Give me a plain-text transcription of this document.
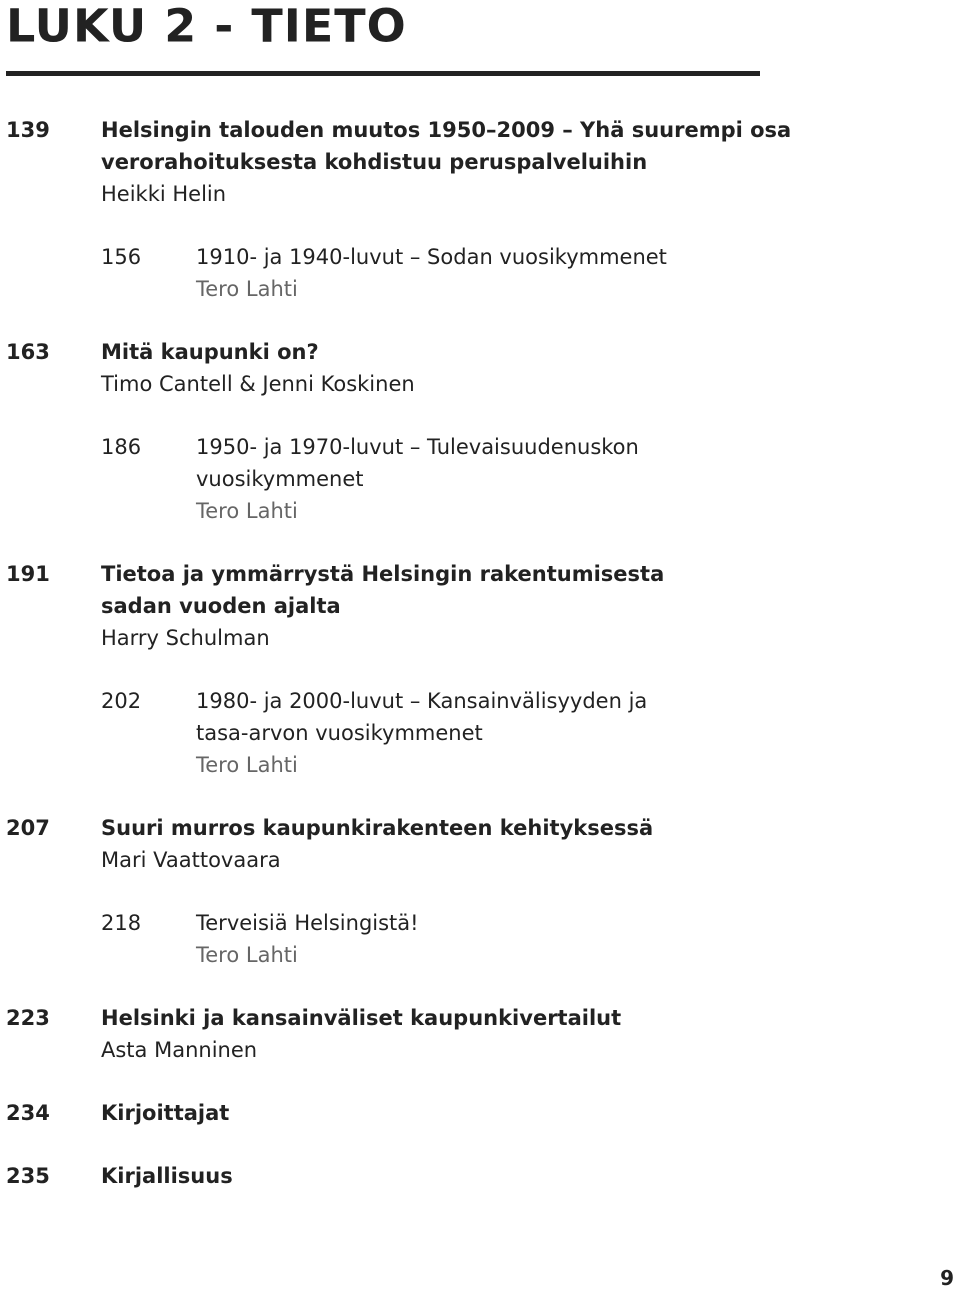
LUKU 2 - TIETO
139 Helsingin talouden muutos 1950–2009 – Yhä suurempi osa
verorahoituksesta kohdistuu peruspalveluihin
Heikki Helin
156	1910- ja 1940-luvut – Sodan vuosikymmenet
Tero Lahti
163 Mitä kaupunki on?
Timo Cantell & Jenni Koskinen
186	1950- ja 1970-luvut – Tulevaisuudenuskon
vuosikymmenet
Tero Lahti
191 Tietoa ja ymmärrystä Helsingin rakentumisesta
sadan vuoden ajalta
Harry Schulman
202	1980- ja 2000-luvut – Kansainvälisyyden ja
tasa-arvon vuosikymmenet
Tero Lahti
207 Suuri murros kaupunkirakenteen kehityksessä
Mari Vaattovaara
218	Terveisiä Helsingistä!
Tero Lahti
223 Helsinki ja kansainväliset kaupunkivertailut
Asta Manninen
234 Kirjoittajat
235 Kirjallisuus
9
